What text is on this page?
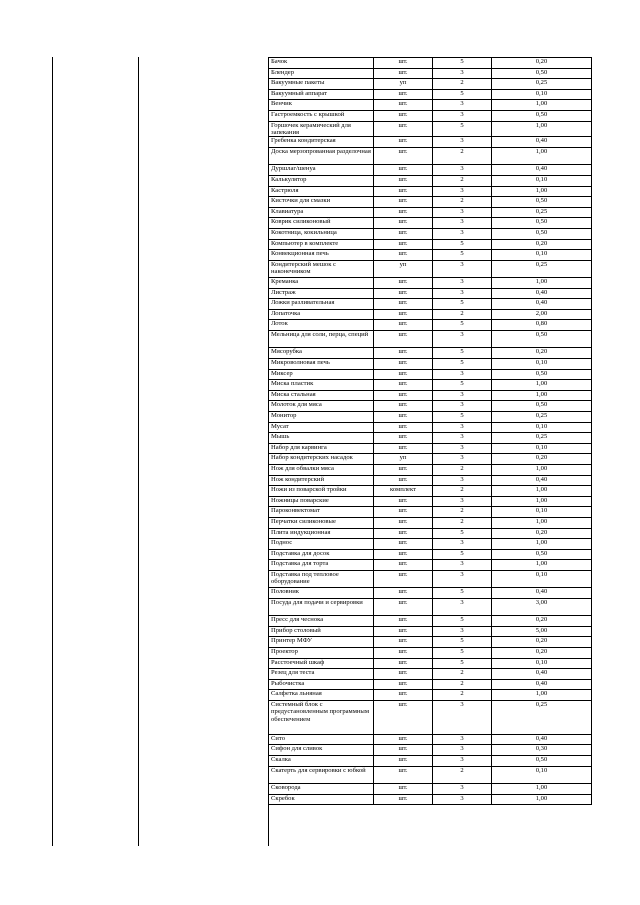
Бачок	шт.	5	0,20
Блендер	шт.	3	0,50
Вакуумные пакеты	уп	2	0,25
Вакуумный аппарат	шт.	5	0,10
Венчик	шт.	3	1,00
Гастроемкость с крышкой	шт.	3	0,50
Горшочек керамический для запекания	шт.	5	1,00
Гребенка кондитерская	шт.	3	0,40
Доска мерзопрованная разделочная	шт.	2	1,00
Дуршлаг/шенуа	шт.	3	0,40
Калькулятор	шт.	2	0,10
Кастрюля	шт.	3	1,00
Кисточки для смазки	шт.	2	0,50
Клавиатура	шт.	3	0,25
Коврик силиконовый	шт.	3	0,50
Кокотница, кокильница	шт.	3	0,50
Компьютер в комплекте	шт.	5	0,20
Конвекционная печь	шт.	5	0,10
Кондитерский мешок с наконечником	уп	3	0,25
Креманка	шт.	3	1,00
Листраж	шт.	3	0,40
Ложки разливательная	шт.	5	0,40
Лопаточка	шт.	2	2,00
Лоток	шт.	5	0,80
Мельница для соли, перца, специй	шт.	3	0,50
Мясорубка	шт.	5	0,20
Микроволновая печь	шт.	5	0,10
Миксер	шт.	3	0,50
Миска пластик	шт.	5	1,00
Миска стальная	шт.	3	1,00
Молоток для мяса	шт.	3	0,50
Монитор	шт.	5	0,25
Мусат	шт.	3	0,10
Мышь	шт.	3	0,25
Набор для карвинга	шт.	3	0,10
Набор кондитерских насадок	уп	3	0,20
Нож для обвалки мяса	шт.	2	1,00
Нож кондитерский	шт.	3	0,40
Ножи из поварской тройки	комплект	2	1,00
Ножницы поварские	шт.	3	1,00
Пароконвектомат	шт.	2	0,10
Перчатки силиконовые	шт.	2	1,00
Плита индукционная	шт.	5	0,20
Поднос	шт.	3	1,00
Подставка для досок	шт.	5	0,50
Подставка для торта	шт.	3	1,00
Подставка под тепловое оборудование	шт.	3	0,10
Половник	шт.	5	0,40
Посуда для подачи и сервировки	шт.	3	3,00
Пресс для чеснока	шт.	5	0,20
Прибор столовый	шт.	3	5,00
Принтер МФУ	шт.	5	0,20
Проектор	шт.	5	0,20
Расстоечный шкаф	шт.	5	0,10
Резец для теста	шт.	2	0,40
Рыбочистка	шт.	2	0,40
Салфетка льняная	шт.	2	1,00
Системный блок с предустановленным программным обеспечением	шт.	3	0,25
Сито	шт.	3	0,40
Сифон для сливок	шт.	3	0,30
Скалка	шт.	3	0,50
Скатерть для сервировки с юбкой	шт.	2	0,10
Сковорода	шт.	3	1,00
Скребок	шт.	3	1,00
